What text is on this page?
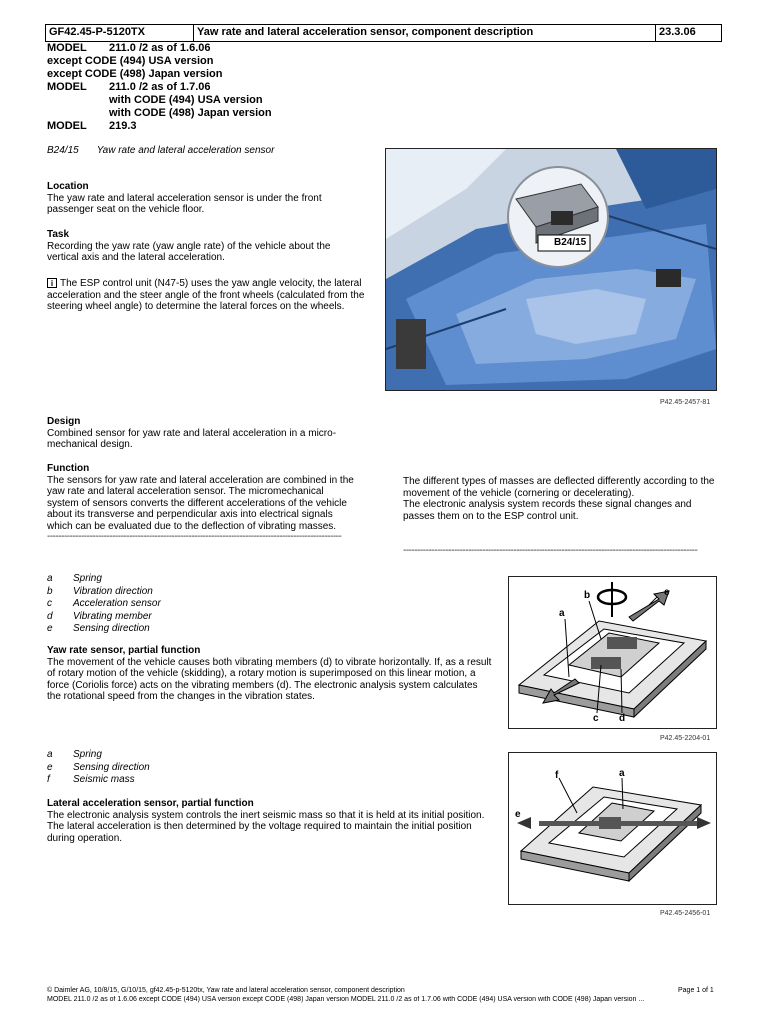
GF42.45-P-5120TX	Yaw rate and lateral acceleration sensor, component description	23.3.06
MODEL 211.0 /2 as of 1.6.06
except CODE (494) USA version
except CODE (498) Japan version
MODEL 211.0 /2 as of 1.7.06
with CODE (494) USA version
with CODE (498) Japan version
MODEL 219.3
B24/15 Yaw rate and lateral acceleration sensor
Location
The yaw rate and lateral acceleration sensor is under the front passenger seat on the vehicle floor.
Task
Recording the yaw rate (yaw angle rate) of the vehicle about the vertical axis and the lateral acceleration.
i The ESP control unit (N47-5) uses the yaw angle velocity, the lateral acceleration and the steer angle of the front wheels (calculated from the steering wheel angle) to determine the lateral forces on the wheels.
B24/15
P42.45-2457-81
Design
Combined sensor for yaw rate and lateral acceleration in a micro-mechanical design.
Function
The sensors for yaw rate and lateral acceleration are combined in the yaw rate and lateral acceleration sensor. The micromechanical system of sensors converts the different accelerations of the vehicle about its transverse and perpendicular axis into electrical signals which can be evaluated due to the deflection of vibrating masses.
--------------------------------------------------------------------------------------------------------
The different types of masses are deflected differently according to the movement of the vehicle (cornering or decelerating).
The electronic analysis system records these signal changes and passes them on to the ESP control unit.
--------------------------------------------------------------------------------------------------------
a Spring
b Vibration direction
c Acceleration sensor
d Vibrating member
e Sensing direction
Yaw rate sensor, partial function
The movement of the vehicle causes both vibrating members (d) to vibrate horizontally. If, as a result of rotary motion of the vehicle (skidding), a rotary motion is superimposed on this linear motion, a force (Coriolis force) acts on the vibrating members (d). The electronic analysis system calculates the rotational speed from the changes in the vibration states.
a
b
c d
e
P42.45-2204-01
a Spring
e Sensing direction
f Seismic mass
Lateral acceleration sensor, partial function
The electronic analysis system controls the inert seismic mass so that it is held at its initial position. The lateral acceleration is then determined by the voltage required to maintain the initial position during operation.
f	a
e
P42.45-2456-01
© Daimler AG, 10/8/15, G/10/15, gf42.45-p-5120tx, Yaw rate and lateral acceleration sensor, component description	Page 1 of 1
MODEL 211.0 /2 as of 1.6.06 except CODE (494) USA version except CODE (498) Japan version MODEL 211.0 /2 as of 1.7.06 with CODE (494) USA version with CODE (498) Japan version ...
